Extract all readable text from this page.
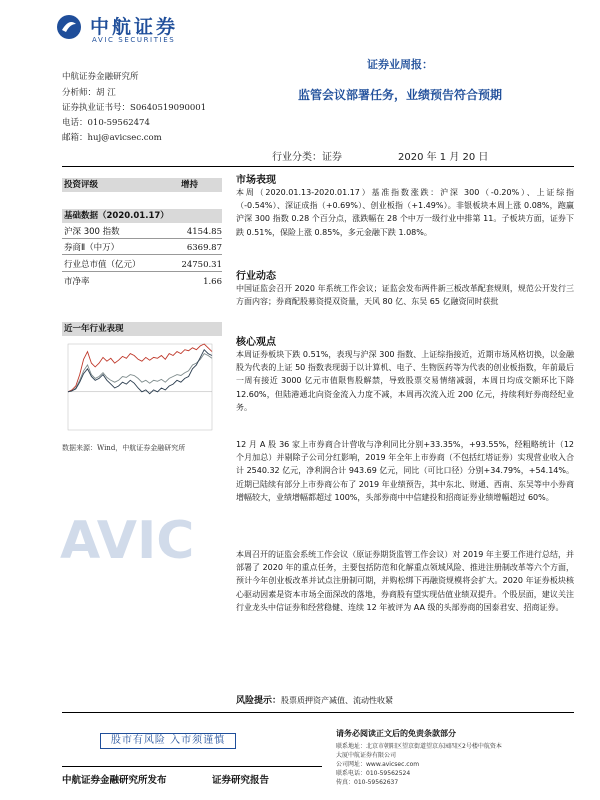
中航证券
AVIC SECURITIES
中航证券金融研究所
分析师：胡 江
证券执业证书号：S0640519090001
电话：010-59562474
邮箱：huj@avicsec.com
证券业周报：
监管会议部署任务，业绩预告符合预期
行业分类：证券	2020 年 1 月 20 日
投资评级	增持
基础数据（2020.01.17）
沪深 300 指数	4154.85
券商Ⅱ（中万）	6369.87
行业总市值（亿元）	24750.31
市净率	1.66
近一年行业表现
数据来源：Wind，中航证券金融研究所
AVIC
市场表现
本周（2020.01.13-2020.01.17）基准指数涨跌：沪深 300（-0.20%）、上证综指（-0.54%）、深证成指（+0.69%）、创业板指（+1.49%）。非银板块本周上涨 0.08%，跑赢沪深 300 指数 0.28 个百分点，涨跌幅在 28 个中万一级行业中排第 11。子板块方面，证券下跌 0.51%，保险上涨 0.85%，多元金融下跌 1.08%。
行业动态
中国证监会召开 2020 年系统工作会议；证监会发布两件新三板改革配套规则，规范公开发行三方面内容；券商配股募资提双资量，天风 80 亿、东吴 65 亿融资同时获批
核心观点
本周证券板块下跌 0.51%，表现与沪深 300 指数、上证综指接近，近期市场风格切换，以金融股为代表的上证 50 指数表现弱于以计算机、电子、生物医药等为代表的创业板指数，年前最后一周有接近 3000 亿元市值限售股解禁，导致股票交易情绪减弱，本周日均成交额环比下降 12.60%，但陆港通北向资金流入力度不减，本周再次流入近 200 亿元，持续利好券商经纪业务。
12 月 A 股 36 家上市券商合计营收与净利同比分别+33.35%，+93.55%，经粗略统计（12 个月加总）并剔除子公司分红影响，2019 年全年上市券商（不包括红塔证券）实现营业收入合计 2540.32 亿元，净利润合计 943.69 亿元，同比（可比口径）分别+34.79%，+54.14%。近期已陆续有部分上市券商公布了 2019 年业绩预告，其中东北、财通、西南、东吴等中小券商增幅较大，业绩增幅都超过 100%，头部券商中中信建投和招商证券业绩增幅超过 60%。
本周召开的证监会系统工作会议（原证券期货监管工作会议）对 2019 年主要工作进行总结，并部署了 2020 年的重点任务，主要包括防范和化解重点领域风险、推进注册制改革等六个方面，预计今年创业板改革并试点注册制可期，并购松绑下再融资规模将会扩大。2020 年证券板块核心驱动因素是资本市场全面深改的落地，券商股有望实现估值业绩双提升。个股层面，建议关注行业龙头中信证券和经营稳健、连续 12 年被评为 AA 级的头部券商的国泰君安、招商证券。
风险提示：股票质押资产减值、流动性收紧
股市有风险 入市须谨慎
请务必阅读正文后的免责条款部分
联系地址：北京市朝阳区望京街道望京东园四区2号楼中航资本
大厦中航证券有限公司
公司网址：www.avicsec.com
联系电话：010-59562524
传真：010-59562637
中航证券金融研究所发布	证券研究报告
